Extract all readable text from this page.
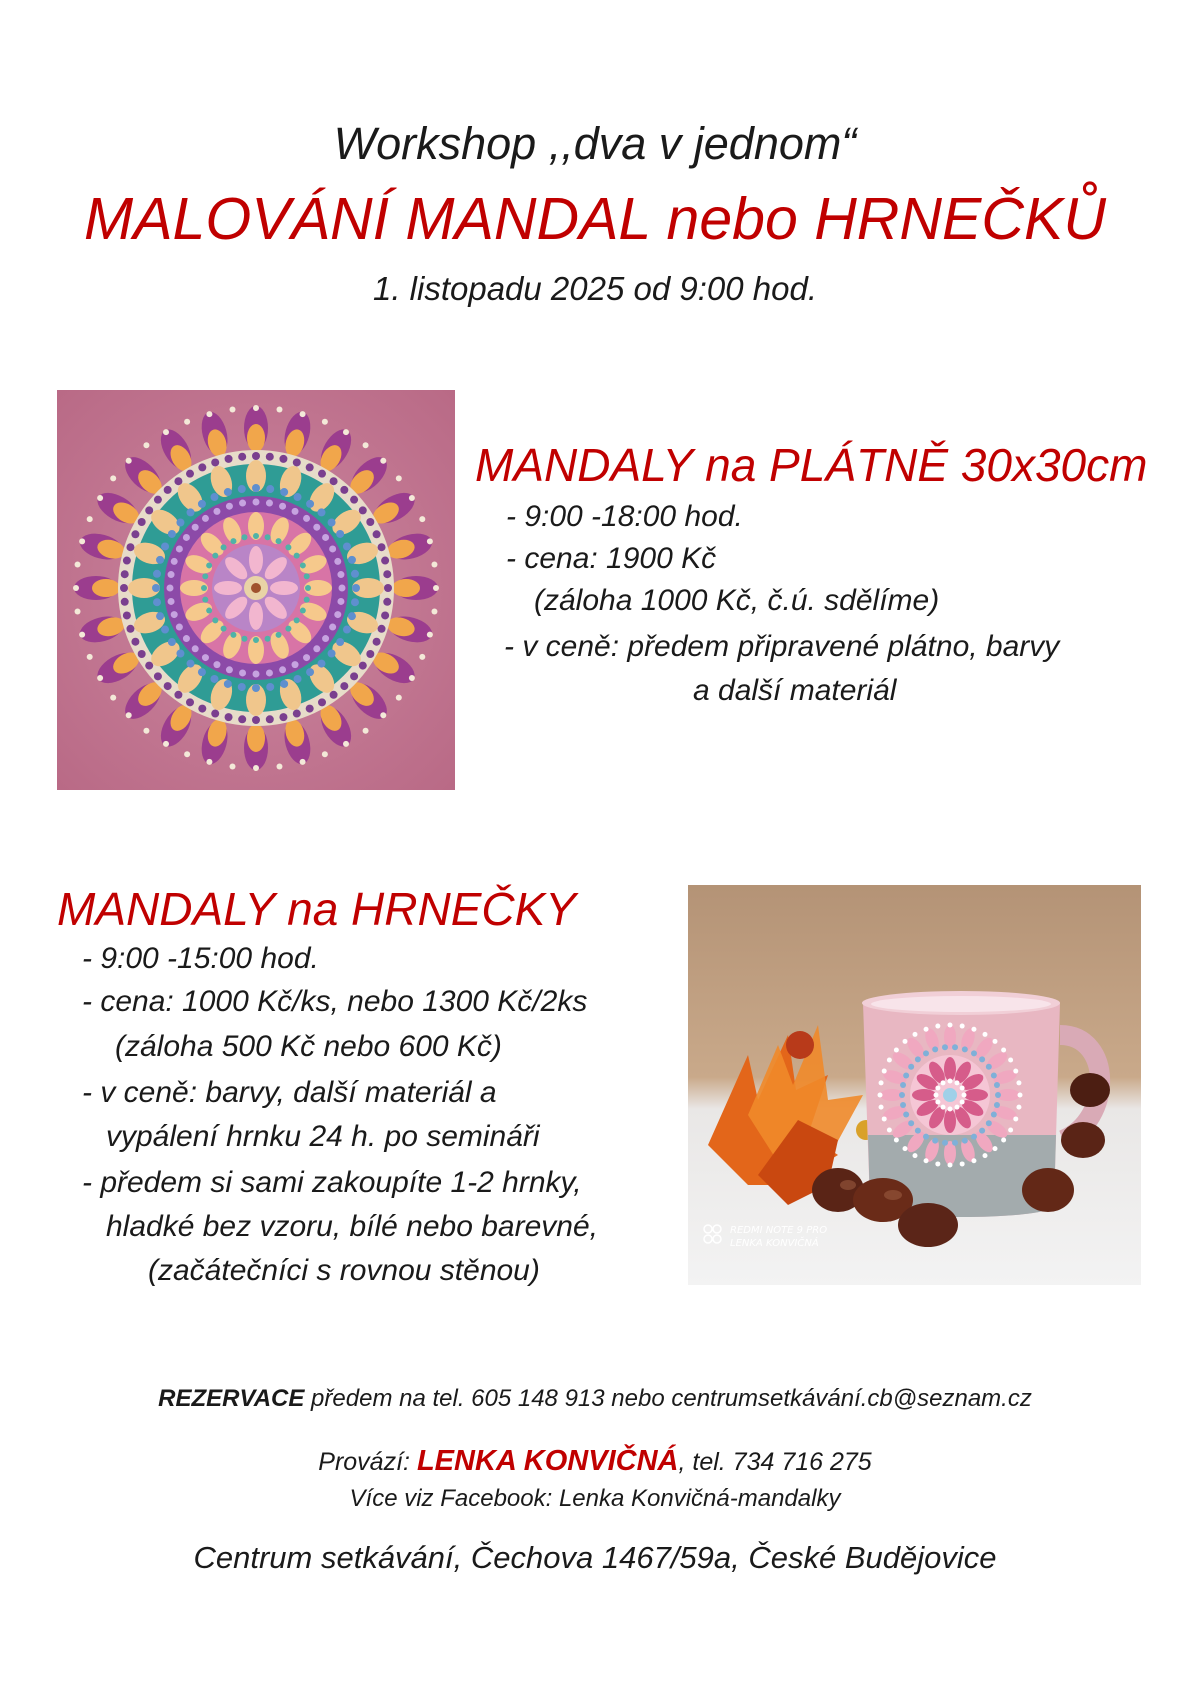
Workshop ,,dva v jednom“
MALOVÁNÍ MANDAL nebo HRNEČKŮ
1. listopadu 2025 od 9:00 hod.
MANDALY na PLÁTNĚ 30x30cm
- 9:00 -18:00 hod.
- cena: 1900 Kč
(záloha 1000 Kč, č.ú. sdělíme)
- v ceně: předem připravené plátno, barvy
a další materiál
MANDALY na HRNEČKY
- 9:00 -15:00 hod.
- cena: 1000 Kč/ks, nebo 1300 Kč/2ks
(záloha 500 Kč nebo 600 Kč)
- v ceně: barvy, další materiál a
vypálení hrnku 24 h. po semináři
- předem si sami zakoupíte 1-2 hrnky,
hladké bez vzoru, bílé nebo barevné,
(začátečníci s rovnou stěnou)
REDMI NOTE 9 PRO
LENKA KONVIČNÁ
REZERVACE předem na tel. 605 148 913 nebo centrumsetkávání.cb@seznam.cz
Provází: LENKA KONVIČNÁ, tel. 734 716 275
Více viz Facebook: Lenka Konvičná-mandalky
Centrum setkávání, Čechova 1467/59a, České Budějovice
